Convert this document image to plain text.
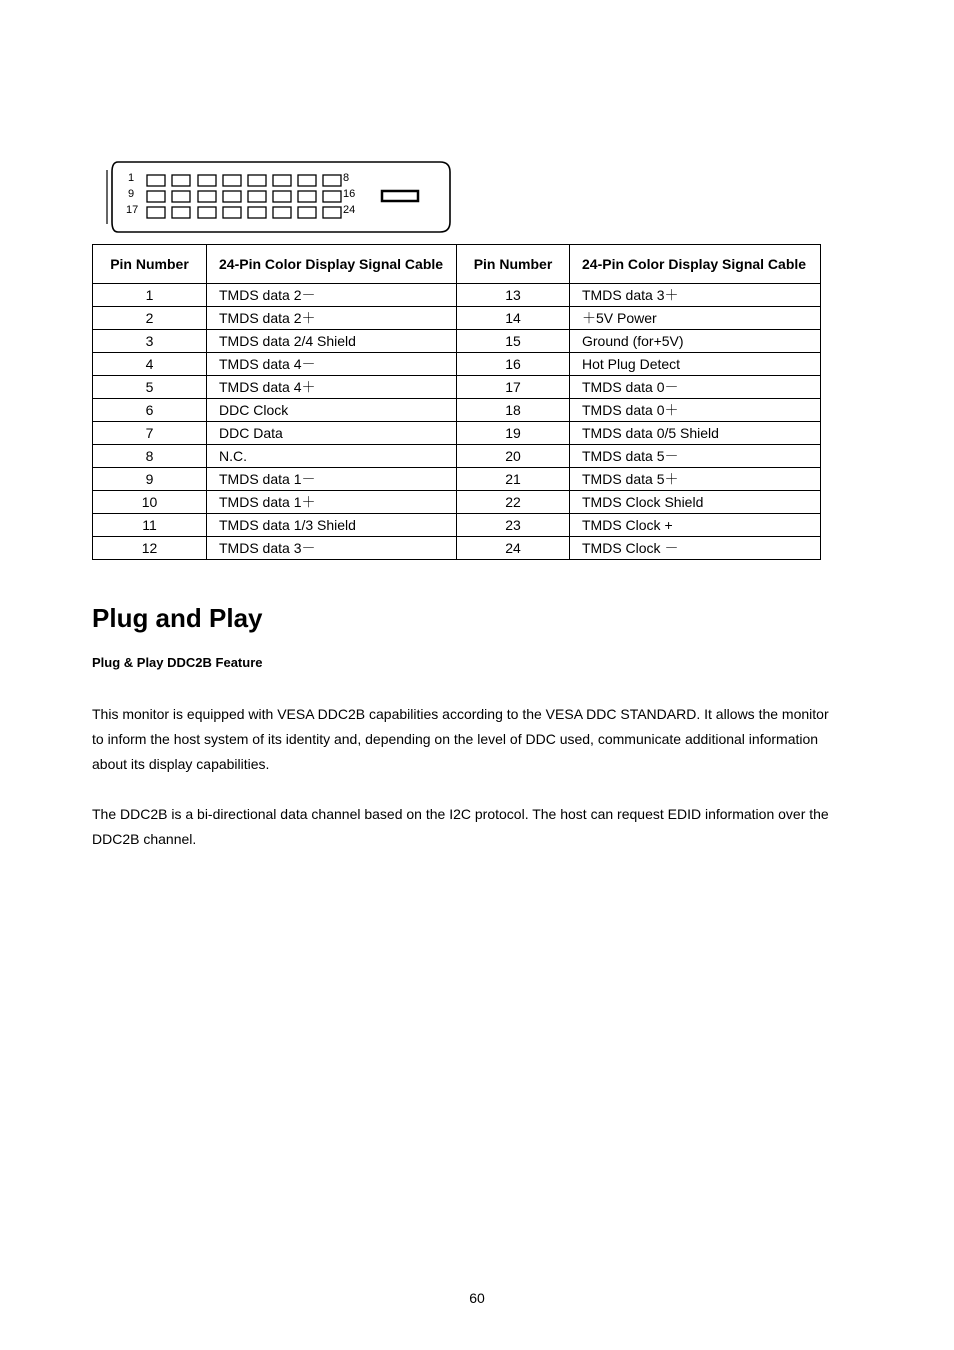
1
9
17
8
16
24
Pin Number	24-Pin Color Display Signal Cable	Pin Number	24-Pin Color Display Signal Cable
1	TMDS data 2－	13	TMDS data 3＋
2	TMDS data 2＋	14	＋5V Power
3	TMDS data 2/4 Shield	15	Ground (for+5V)
4	TMDS data 4－	16	Hot Plug Detect
5	TMDS data 4＋	17	TMDS data 0－
6	DDC Clock	18	TMDS data 0＋
7	DDC Data	19	TMDS data 0/5 Shield
8	N.C.	20	TMDS data 5－
9	TMDS data 1－	21	TMDS data 5＋
10	TMDS data 1＋	22	TMDS Clock Shield
11	TMDS data 1/3 Shield	23	TMDS Clock +
12	TMDS data 3－	24	TMDS Clock －
Plug and Play
Plug & Play DDC2B Feature
This monitor is equipped with VESA DDC2B capabilities according to the VESA DDC STANDARD. It allows the monitor to inform the host system of its identity and, depending on the level of DDC used, communicate additional information about its display capabilities.
The DDC2B is a bi-directional data channel based on the I2C protocol. The host can request EDID information over the DDC2B channel.
60
